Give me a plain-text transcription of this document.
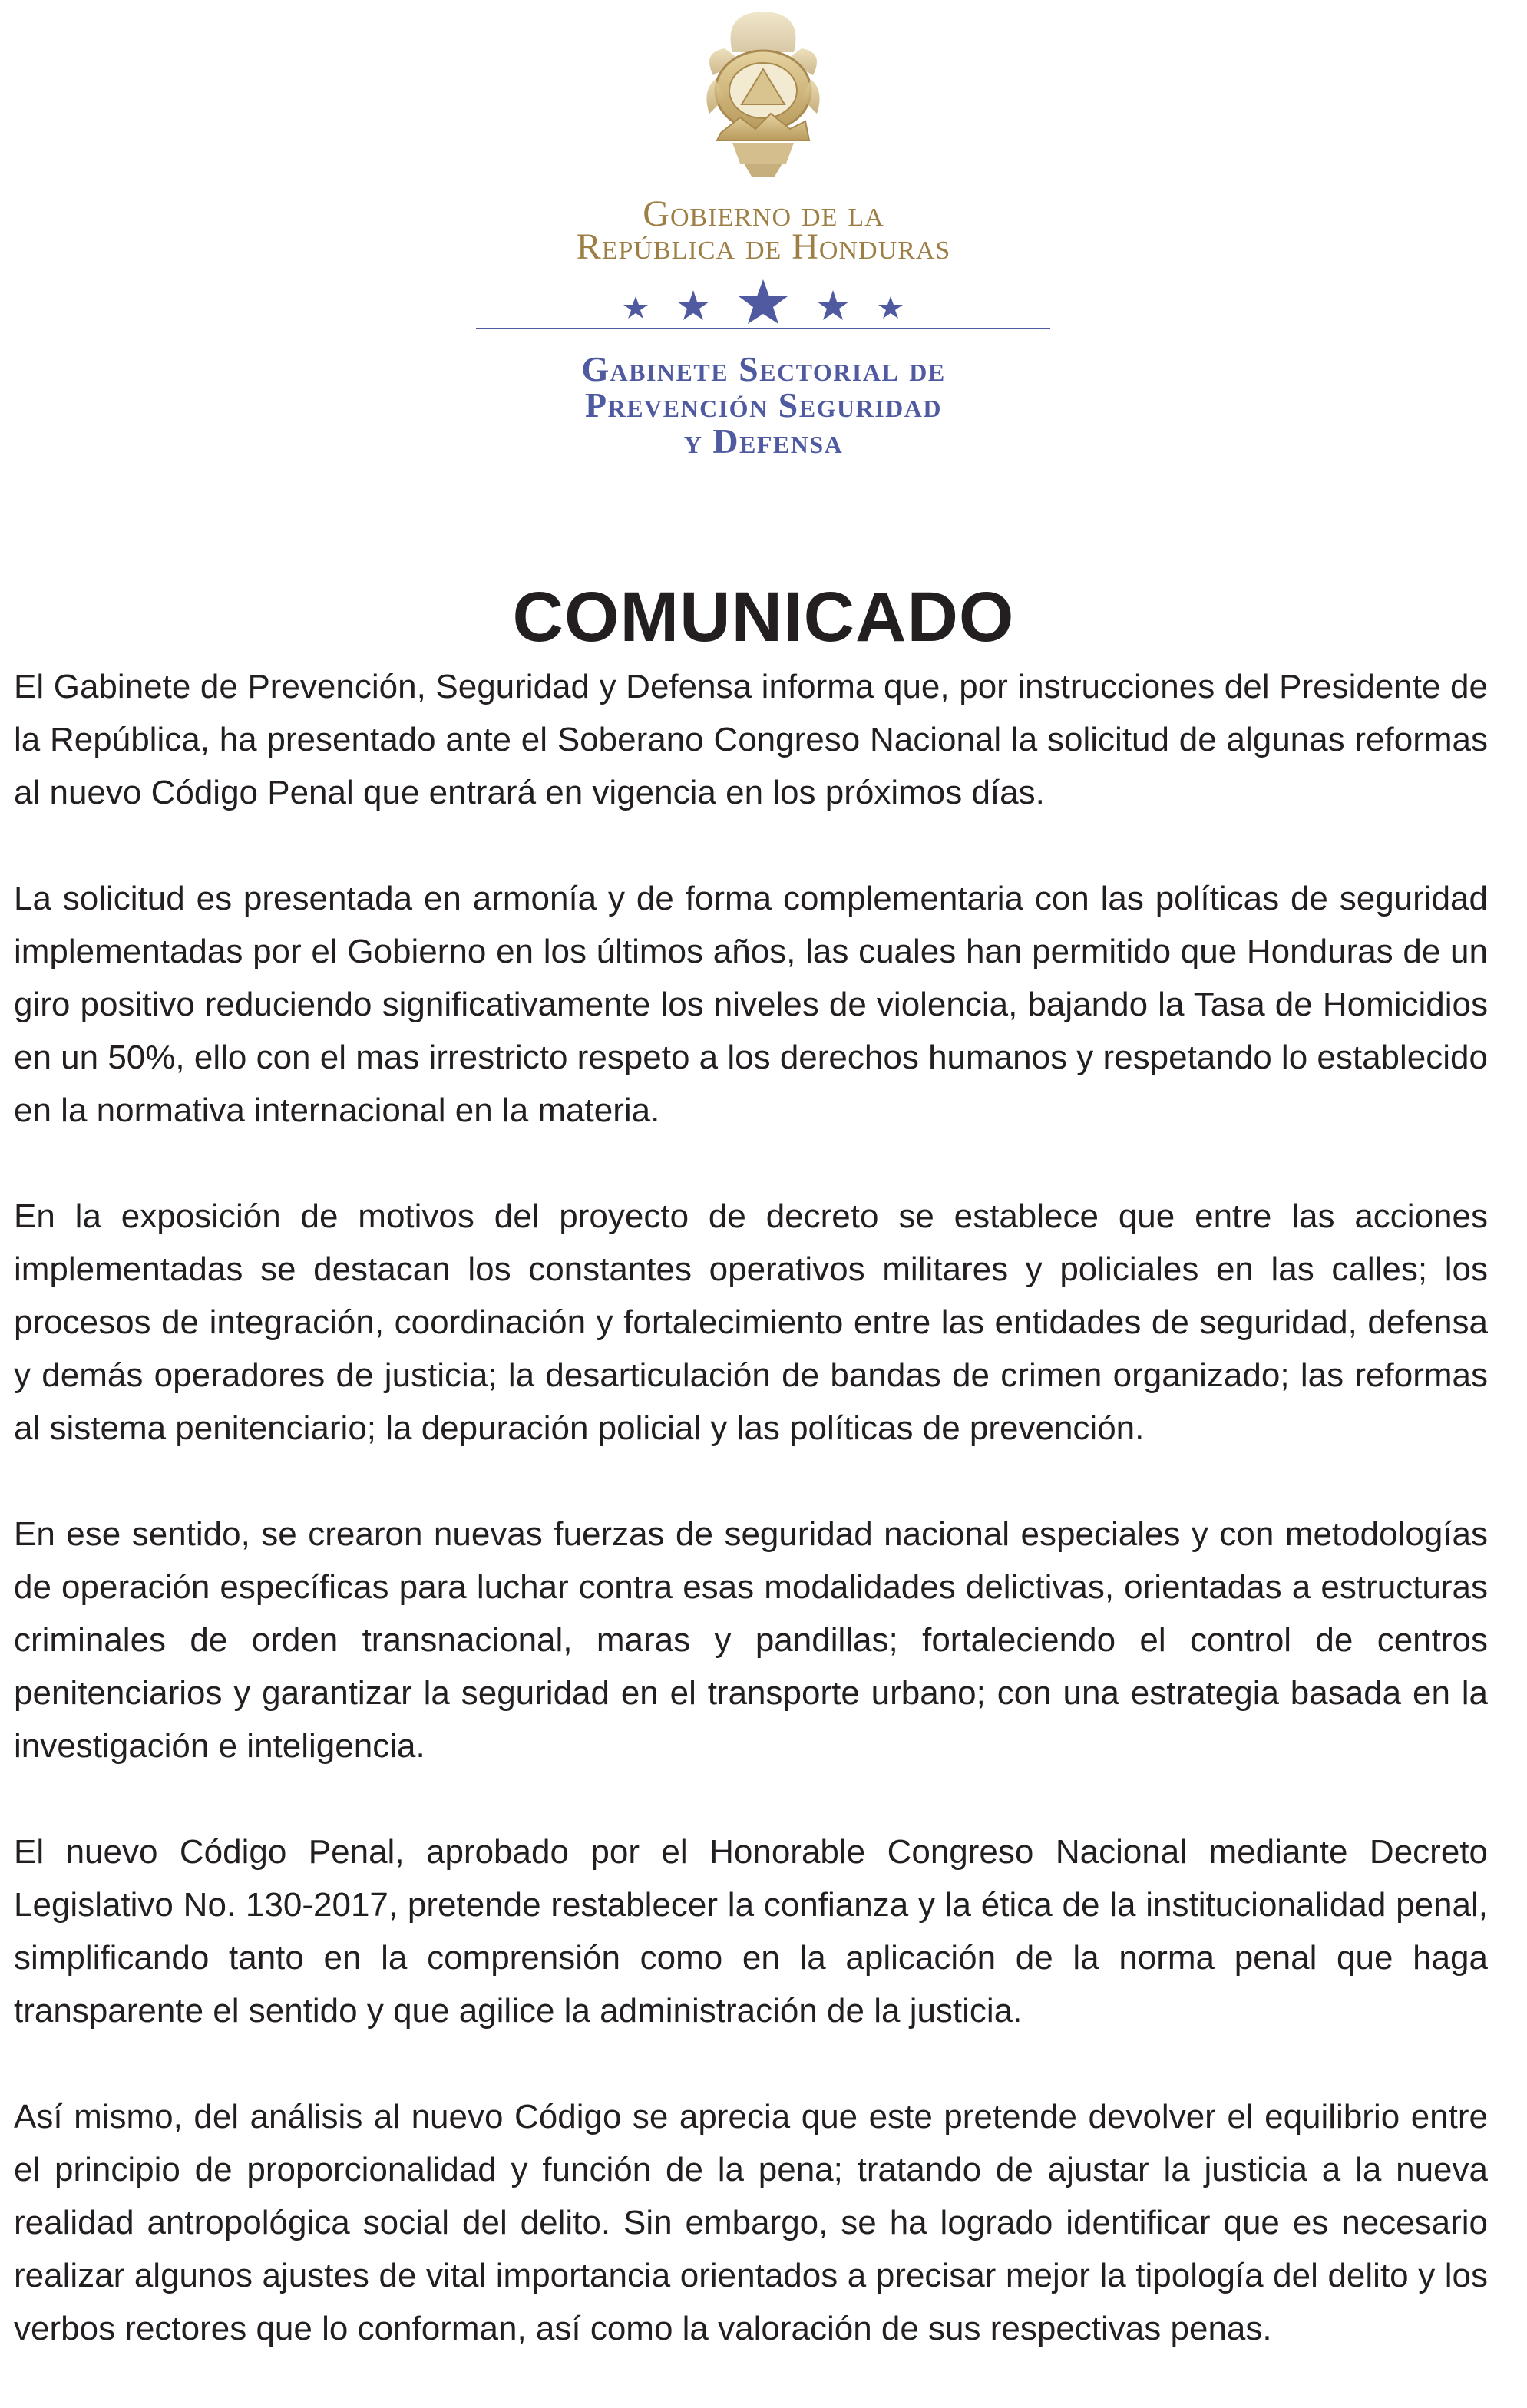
Gobierno de la
República de Honduras
Gabinete Sectorial de
Prevención Seguridad
y Defensa
COMUNICADO

El Gabinete de Prevención, Seguridad y Defensa informa que, por instrucciones del Presidente de la República, ha presentado ante el Soberano Congreso Nacional la solicitud de algunas reformas al nuevo Código Penal que entrará en vigencia en los próximos días.

La solicitud es presentada en armonía y de forma complementaria con las políticas de seguridad implementadas por el Gobierno en los últimos años, las cuales han permitido que Honduras de un giro positivo reduciendo significativamente los niveles de violencia, bajando la Tasa de Homicidios en un 50%, ello con el mas irrestricto respeto a los derechos humanos y respetando lo establecido en la normativa internacional en la materia.

En la exposición de motivos del proyecto de decreto se establece que entre las acciones implementadas se destacan los constantes operativos militares y policiales en las calles; los procesos de integración, coordinación y fortalecimiento entre las entidades de seguridad, defensa y demás operadores de justicia; la desarticulación de bandas de crimen organizado; las reformas al sistema penitenciario; la depuración policial y las políticas de prevención.

En ese sentido, se crearon nuevas fuerzas de seguridad nacional especiales y con metodologías de operación específicas para luchar contra esas modalidades delictivas, orientadas a estructuras criminales de orden transnacional, maras y pandillas; fortaleciendo el control de centros penitenciarios y garantizar la seguridad en el transporte urbano; con una estrategia basada en la investigación e inteligencia.

El nuevo Código Penal, aprobado por el Honorable Congreso Nacional mediante Decreto Legislativo No. 130-2017, pretende restablecer la confianza y la ética de la institucionalidad penal, simplificando tanto en la comprensión como en la aplicación de la norma penal que haga transparente el sentido y que agilice la administración de la justicia.

Así mismo, del análisis al nuevo Código se aprecia que este pretende devolver el equilibrio entre el principio de proporcionalidad y función de la pena; tratando de ajustar la justicia a la nueva realidad antropológica social del delito. Sin embargo, se ha logrado identificar que es necesario realizar algunos ajustes de vital importancia orientados a precisar mejor la tipología del delito y los verbos rectores que lo conforman, así como la valoración de sus respectivas penas.
